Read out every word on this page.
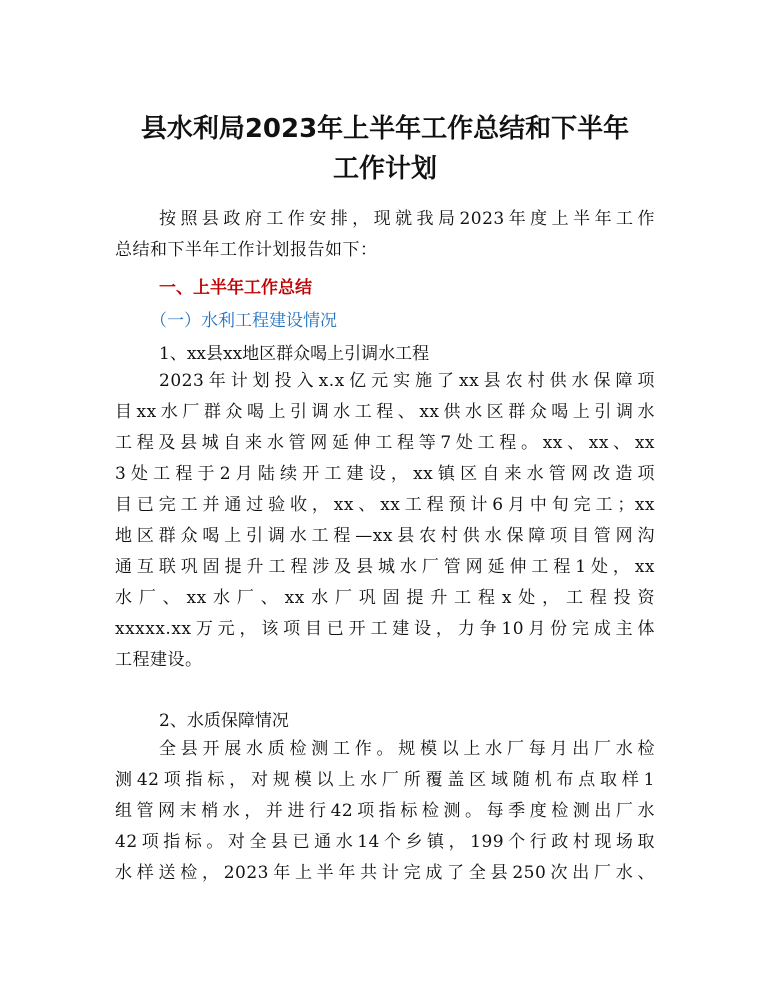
县水利局2023年上半年工作总结和下半年
工作计划
按照县政府工作安排，现就我局2023年度上半年工作
总结和下半年工作计划报告如下：
一、上半年工作总结
（一）水利工程建设情况
1、xx县xx地区群众喝上引调水工程
2023年计划投入x.x亿元实施了xx县农村供水保障项
目xx水厂群众喝上引调水工程、xx供水区群众喝上引调水
工程及县城自来水管网延伸工程等7处工程。xx、xx、xx
3处工程于2月陆续开工建设，xx镇区自来水管网改造项
目已完工并通过验收，xx、xx工程预计6月中旬完工；xx
地区群众喝上引调水工程—xx县农村供水保障项目管网沟
通互联巩固提升工程涉及县城水厂管网延伸工程1处，xx
水厂、xx水厂、xx水厂巩固提升工程x处，工程投资
xxxxx.xx万元，该项目已开工建设，力争10月份完成主体
工程建设。
2、水质保障情况
全县开展水质检测工作。规模以上水厂每月出厂水检
测42项指标，对规模以上水厂所覆盖区域随机布点取样1
组管网末梢水，并进行42项指标检测。每季度检测出厂水
42项指标。对全县已通水14个乡镇，199个行政村现场取
水样送检，2023年上半年共计完成了全县250次出厂水、
